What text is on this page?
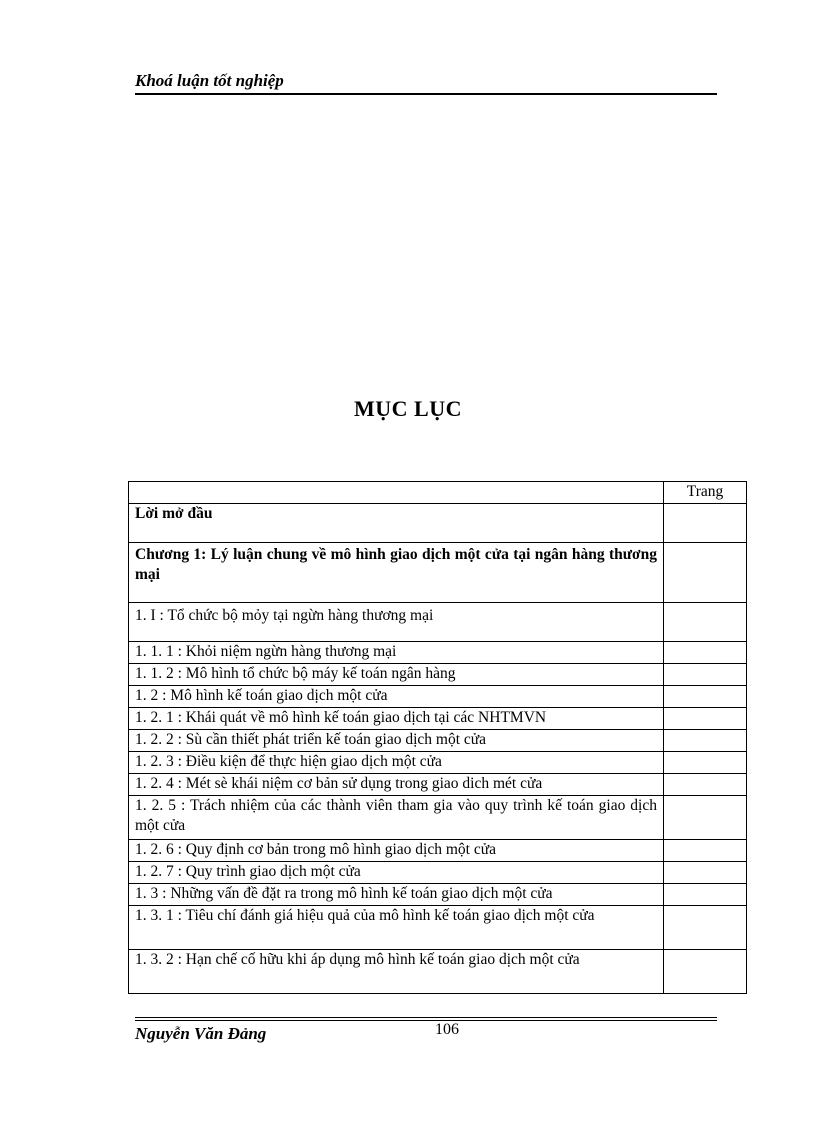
Khoá luận tốt nghiệp
MỤC LỤC
	Trang
Lời mở đầu	
Chương 1: Lý luận chung về mô hình giao dịch một cửa tại ngân hàng thương mại	
1. I : Tổ chức bộ mỏy tại ngừn hàng thương mại	
1. 1. 1 : Khỏi niệm ngừn hàng thương mại	
1. 1. 2 : Mô hình tổ chức bộ máy kế toán ngân hàng	
1. 2 : Mô hình kế toán giao dịch một cửa	
1. 2. 1 : Khái quát về mô hình kế toán giao dịch tại các NHTMVN	
1. 2. 2 : Sù cần thiết phát triển kế toán giao dịch một cửa	
1. 2. 3 : Điều kiện để thực hiện giao dịch một cửa	
1. 2. 4 : Mét sè khái niệm cơ bản sử dụng trong giao dich mét cửa	
1. 2. 5 : Trách nhiệm của các thành viên tham gia vào quy trình kế toán giao dịch một cửa	
1. 2. 6 : Quy định cơ bản trong mô hình giao dịch một cửa	
1. 2. 7 : Quy trình giao dịch một cửa	
1. 3 : Những vấn đề đặt ra trong mô hình kế toán giao dịch một cửa	
1. 3. 1 : Tiêu chí đánh giá hiệu quả của mô hình kế toán giao dịch một cửa	
1. 3. 2 : Hạn chế cố hữu khi áp dụng mô hình kế toán giao dịch một cửa	
Nguyễn Văn Đảng	106
